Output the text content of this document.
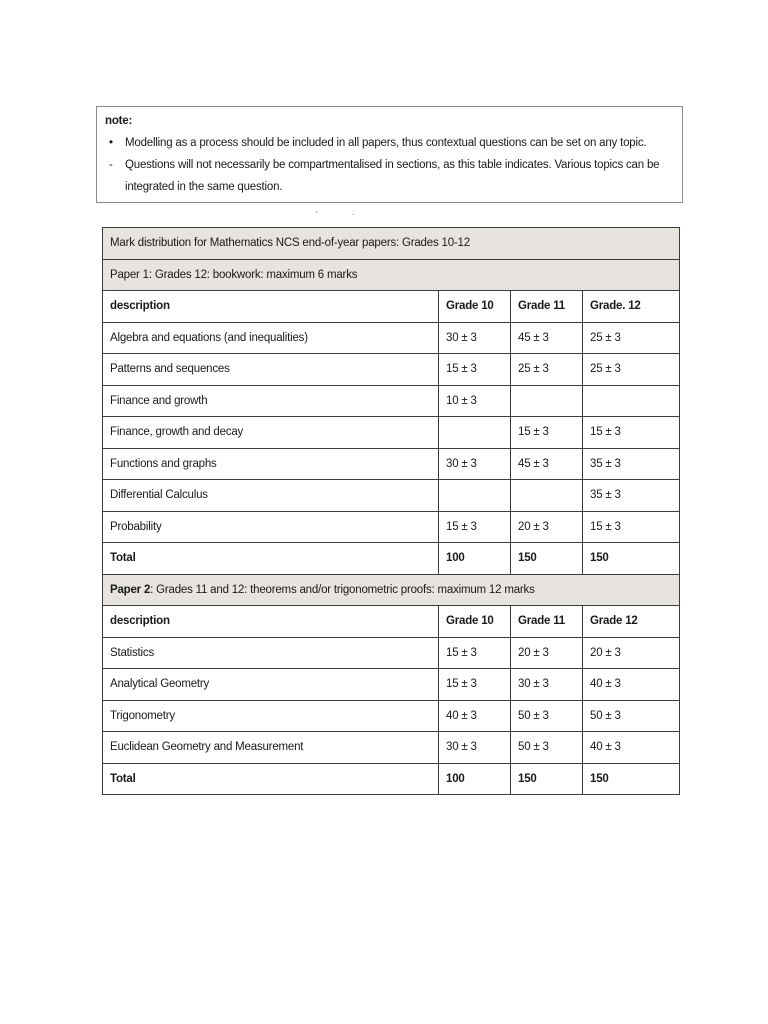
note:
• Modelling as a process should be included in all papers, thus contextual questions can be set on any topic.
- Questions will not necessarily be compartmentalised in sections, as this table indicates. Various topics can be integrated in the same question.
' ·
Mark distribution for Mathematics NCS end-of-year papers: Grades 10-12			
Paper 1: Grades 12: bookwork: maximum 6 marks			
description	Grade 10	Grade 11	Grade. 12
Algebra and equations (and inequalities)	30 ± 3	45 ± 3	25 ± 3
Patterns and sequences	15 ± 3	25 ± 3	25 ± 3
Finance and growth	10 ± 3		
Finance, growth and decay		15 ± 3	15 ± 3
Functions and graphs	30 ± 3	45 ± 3	35 ± 3
Differential Calculus			35 ± 3
Probability	15 ± 3	20 ± 3	15 ± 3
Total	100	150	150
Paper 2: Grades 11 and 12: theorems and/or trigonometric proofs: maximum 12 marks			
description	Grade 10	Grade 11	Grade 12
Statistics	15 ± 3	20 ± 3	20 ± 3
Analytical Geometry	15 ± 3	30 ± 3	40 ± 3
Trigonometry	40 ± 3	50 ± 3	50 ± 3
Euclidean Geometry and Measurement	30 ± 3	50 ± 3	40 ± 3
Total	100	150	150
